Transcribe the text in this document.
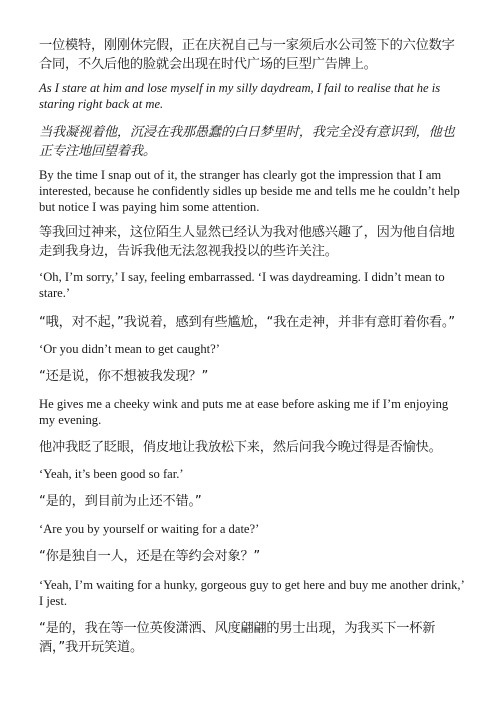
一位模特，刚刚休完假，正在庆祝自己与一家须后水公司签下的六位数字合同，不久后他的脸就会出现在时代广场的巨型广告牌上。

As I stare at him and lose myself in my silly daydream, I fail to realise that he is staring right back at me.

当我凝视着他，沉浸在我那愚蠢的白日梦里时，我完全没有意识到，他也正专注地回望着我。

By the time I snap out of it, the stranger has clearly got the impression that I am interested, because he confidently sidles up beside me and tells me he couldn’t help but notice I was paying him some attention.

等我回过神来，这位陌生人显然已经认为我对他感兴趣了，因为他自信地走到我身边，告诉我他无法忽视我投以的些许关注。

‘Oh, I’m sorry,’ I say, feeling embarrassed. ‘I was daydreaming. I didn’t mean to stare.’

“哦，对不起，”我说着，感到有些尴尬，“我在走神，并非有意盯着你看。”

‘Or you didn’t mean to get caught?’

“还是说，你不想被我发现？”

He gives me a cheeky wink and puts me at ease before asking me if I’m enjoying my evening.

他冲我眨了眨眼，俏皮地让我放松下来，然后问我今晚过得是否愉快。

‘Yeah, it’s been good so far.’

“是的，到目前为止还不错。”

‘Are you by yourself or waiting for a date?’

“你是独自一人，还是在等约会对象？”

‘Yeah, I’m waiting for a hunky, gorgeous guy to get here and buy me another drink,’ I jest.

“是的，我在等一位英俊潇洒、风度翩翩的男士出现，为我买下一杯新酒，”我开玩笑道。
